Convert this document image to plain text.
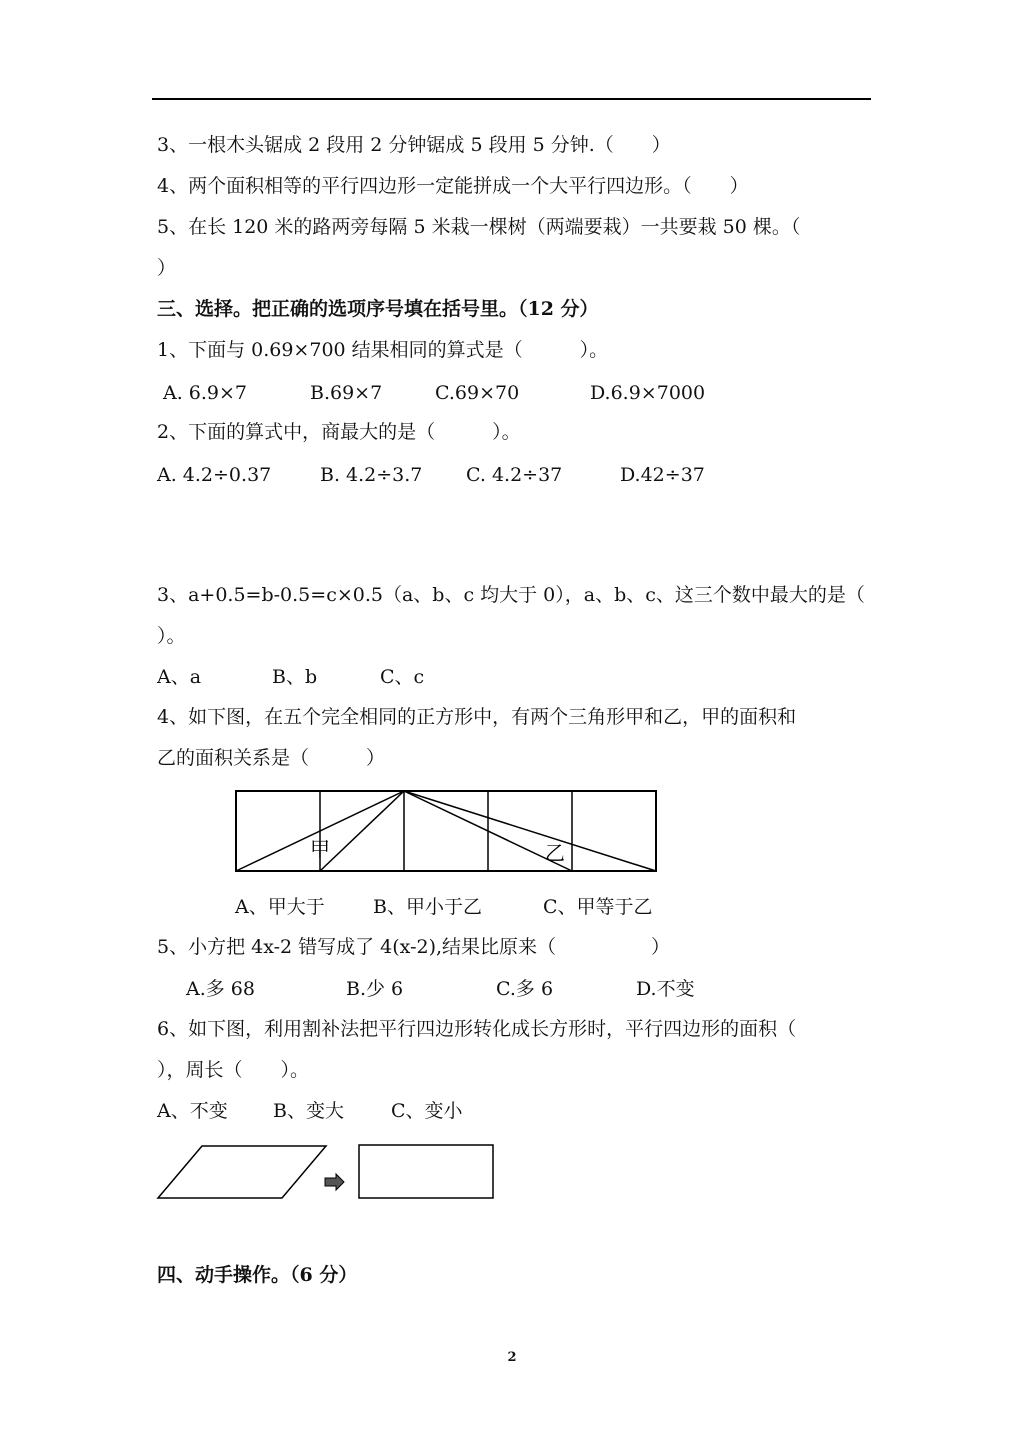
3、一根木头锯成 2 段用 2 分钟锯成 5 段用 5 分钟.（　　）
4、两个面积相等的平行四边形一定能拼成一个大平行四边形。（　　）
5、在长 120 米的路两旁每隔 5 米栽一棵树（两端要栽）一共要栽 50 棵。（
）
三、选择。把正确的选项序号填在括号里。（12 分）
1、下面与 0.69×700 结果相同的算式是（　　　）。
A. 6.9×7	B.69×7	C.69×70	D.6.9×7000
2、下面的算式中，商最大的是（　　　）。
A. 4.2÷0.37	B. 4.2÷3.7 C. 4.2÷37	D.42÷37
3、a+0.5=b-0.5=c×0.5（a、b、c 均大于 0），a、b、c、这三个数中最大的是（
）。
A、a	B、b	C、c
4、如下图，在五个完全相同的正方形中，有两个三角形甲和乙，甲的面积和
乙的面积关系是（　　　）
甲	乙
A、甲大于	B、甲小于乙	C、甲等于乙
5、小方把 4x-2 错写成了 4(x-2),结果比原来（　　　　　）
A.多 68	B.少 6	C.多 6	D.不变
6、如下图，利用割补法把平行四边形转化成长方形时，平行四边形的面积（
），周长（　　）。
A、不变 B、变大 C、变小
四、动手操作。（6 分）
2
